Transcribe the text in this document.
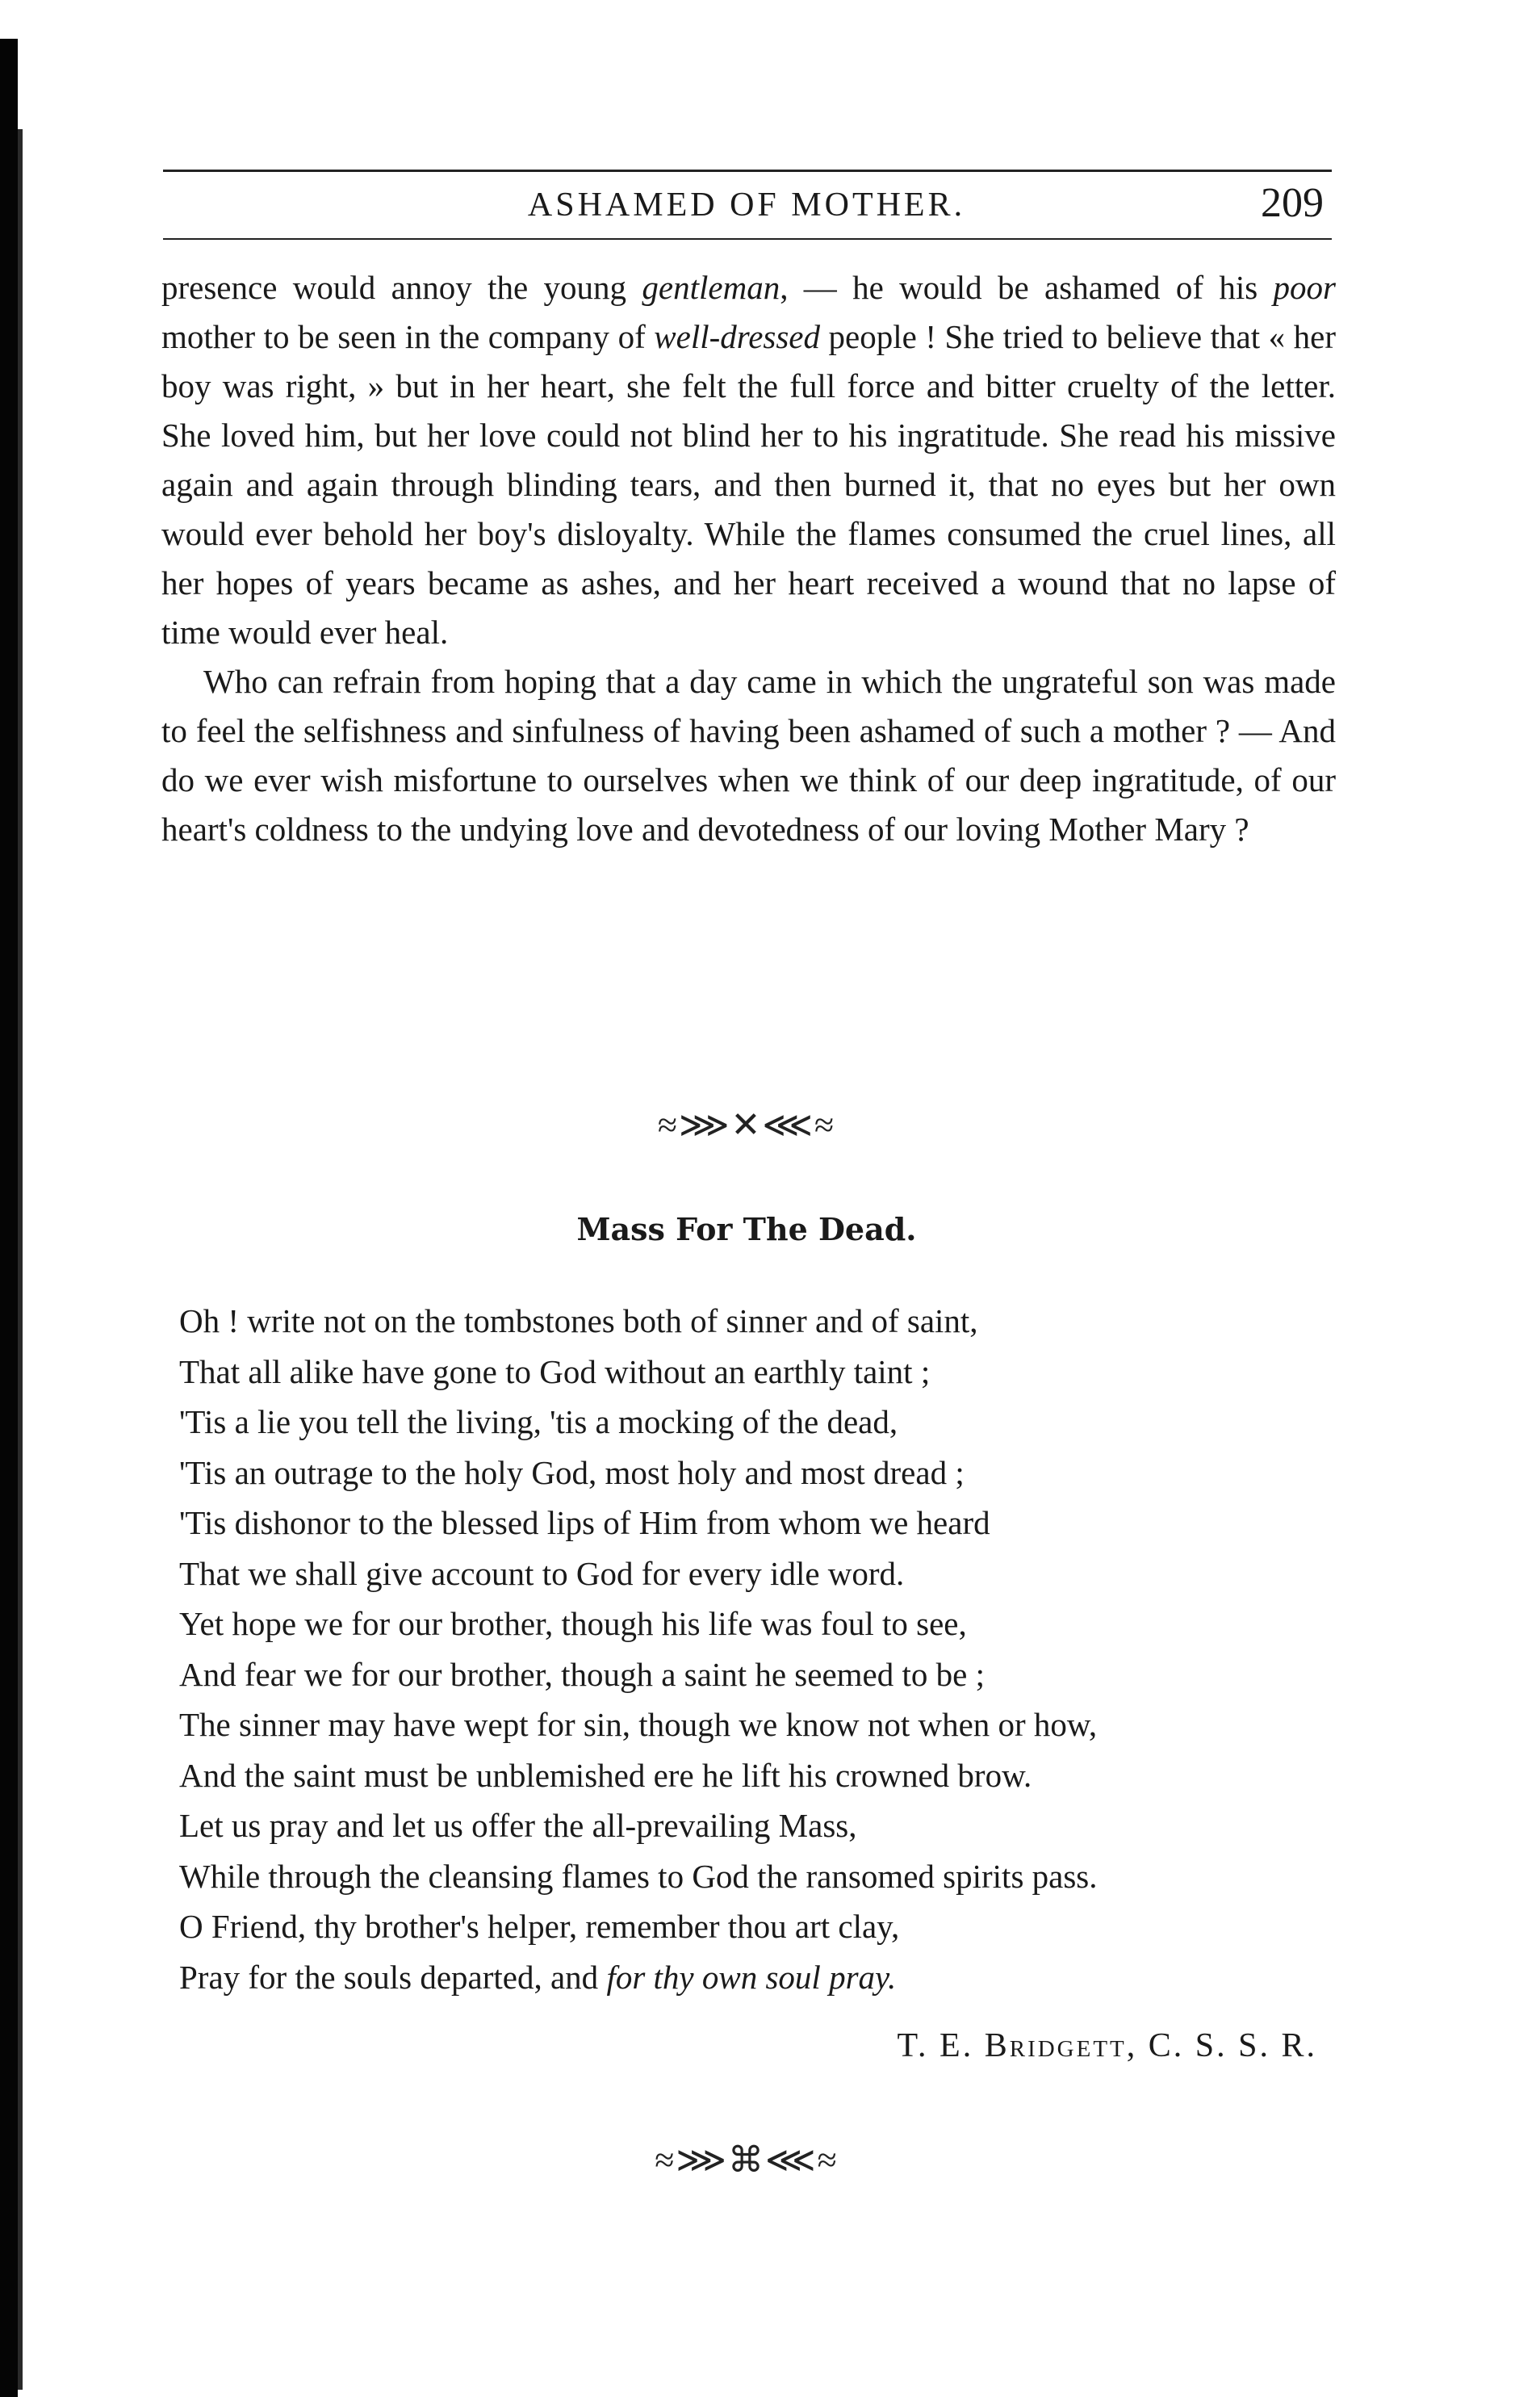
ASHAMED OF MOTHER.	209

presence would annoy the young gentleman, — he would be ashamed of his poor mother to be seen in the company of well-dressed people ! She tried to believe that « her boy was right, » but in her heart, she felt the full force and bitter cruelty of the letter. She loved him, but her love could not blind her to his ingratitude. She read his missive again and again through blinding tears, and then burned it, that no eyes but her own would ever behold her boy's disloyalty. While the flames consumed the cruel lines, all her hopes of years became as ashes, and her heart received a wound that no lapse of time would ever heal.

Who can refrain from hoping that a day came in which the ungrateful son was made to feel the selfishness and sinfulness of having been ashamed of such a mother ? — And do we ever wish misfortune to ourselves when we think of our deep ingratitude, of our heart's coldness to the undying love and devotedness of our loving Mother Mary ?

≈⋙✕⋘≈
Mass For The Dead.
Oh ! write not on the tombstones both of sinner and of saint,
That all alike have gone to God without an earthly taint ;
'Tis a lie you tell the living, 'tis a mocking of the dead,
'Tis an outrage to the holy God, most holy and most dread ;
'Tis dishonor to the blessed lips of Him from whom we heard
That we shall give account to God for every idle word.
Yet hope we for our brother, though his life was foul to see,
And fear we for our brother, though a saint he seemed to be ;
The sinner may have wept for sin, though we know not when or how,
And the saint must be unblemished ere he lift his crowned brow.
Let us pray and let us offer the all-prevailing Mass,
While through the cleansing flames to God the ransomed spirits pass.
O Friend, thy brother's helper, remember thou art clay,
Pray for the souls departed, and for thy own soul pray.
T. E. Bridgett, C. S. S. R.
≈⋙⌘⋘≈
